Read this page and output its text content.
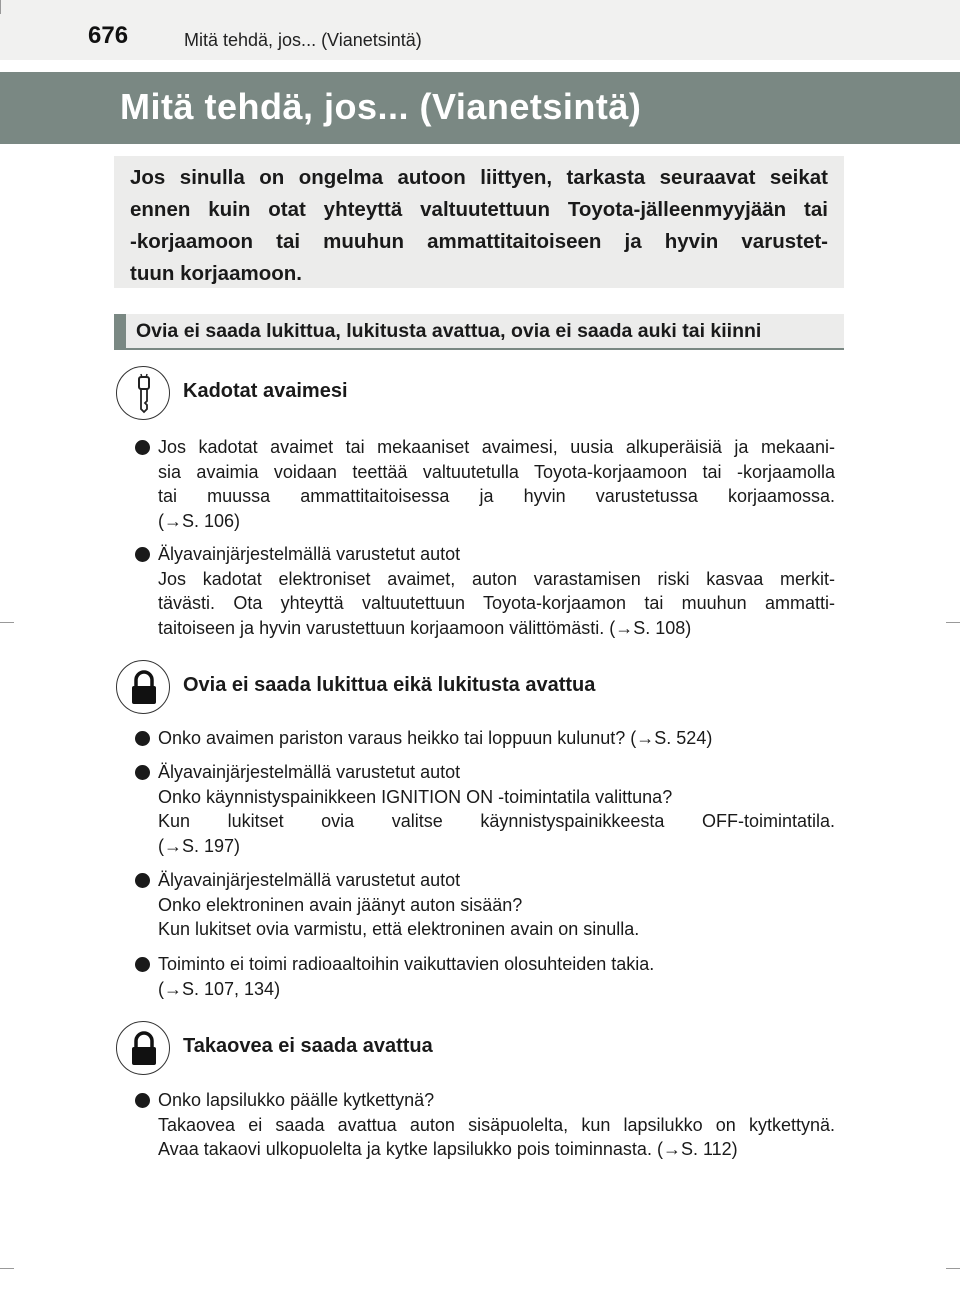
676	Mitä tehdä, jos... (Vianetsintä)
Mitä tehdä, jos... (Vianetsintä)

Jos sinulla on ongelma autoon liittyen, tarkasta seuraavat seikat
ennen kuin otat yhteyttä valtuutettuun Toyota-jälleenmyyjään tai
-korjaamoon tai muuhun ammattitaitoiseen ja hyvin varustet-
tuun korjaamoon.

Ovia ei saada lukittua, lukitusta avattua, ovia ei saada auki tai kiinni
Kadotat avaimesi
Jos kadotat avaimet tai mekaaniset avaimesi, uusia alkuperäisiä ja mekaani-
sia avaimia voidaan teettää valtuutetulla Toyota-korjaamoon tai -korjaamolla
tai muussa ammattitaitoisessa ja hyvin varustetussa korjaamossa.
(→S. 106)
Älyavainjärjestelmällä varustetut autot
Jos kadotat elektroniset avaimet, auton varastamisen riski kasvaa merkit-
tävästi. Ota yhteyttä valtuutettuun Toyota-korjaamon tai muuhun ammatti-
taitoiseen ja hyvin varustettuun korjaamoon välittömästi. (→S. 108)
Ovia ei saada lukittua eikä lukitusta avattua
Onko avaimen pariston varaus heikko tai loppuun kulunut? (→S. 524)
Älyavainjärjestelmällä varustetut autot
Onko käynnistyspainikkeen IGNITION ON -toimintatila valittuna?
Kun lukitset ovia valitse käynnistyspainikkeesta OFF-toimintatila.
(→S. 197)
Älyavainjärjestelmällä varustetut autot
Onko elektroninen avain jäänyt auton sisään?
Kun lukitset ovia varmistu, että elektroninen avain on sinulla.
Toiminto ei toimi radioaaltoihin vaikuttavien olosuhteiden takia.
(→S. 107, 134)
Takaovea ei saada avattua
Onko lapsilukko päälle kytkettynä?
Takaovea ei saada avattua auton sisäpuolelta, kun lapsilukko on kytkettynä.
Avaa takaovi ulkopuolelta ja kytke lapsilukko pois toiminnasta. (→S. 112)
